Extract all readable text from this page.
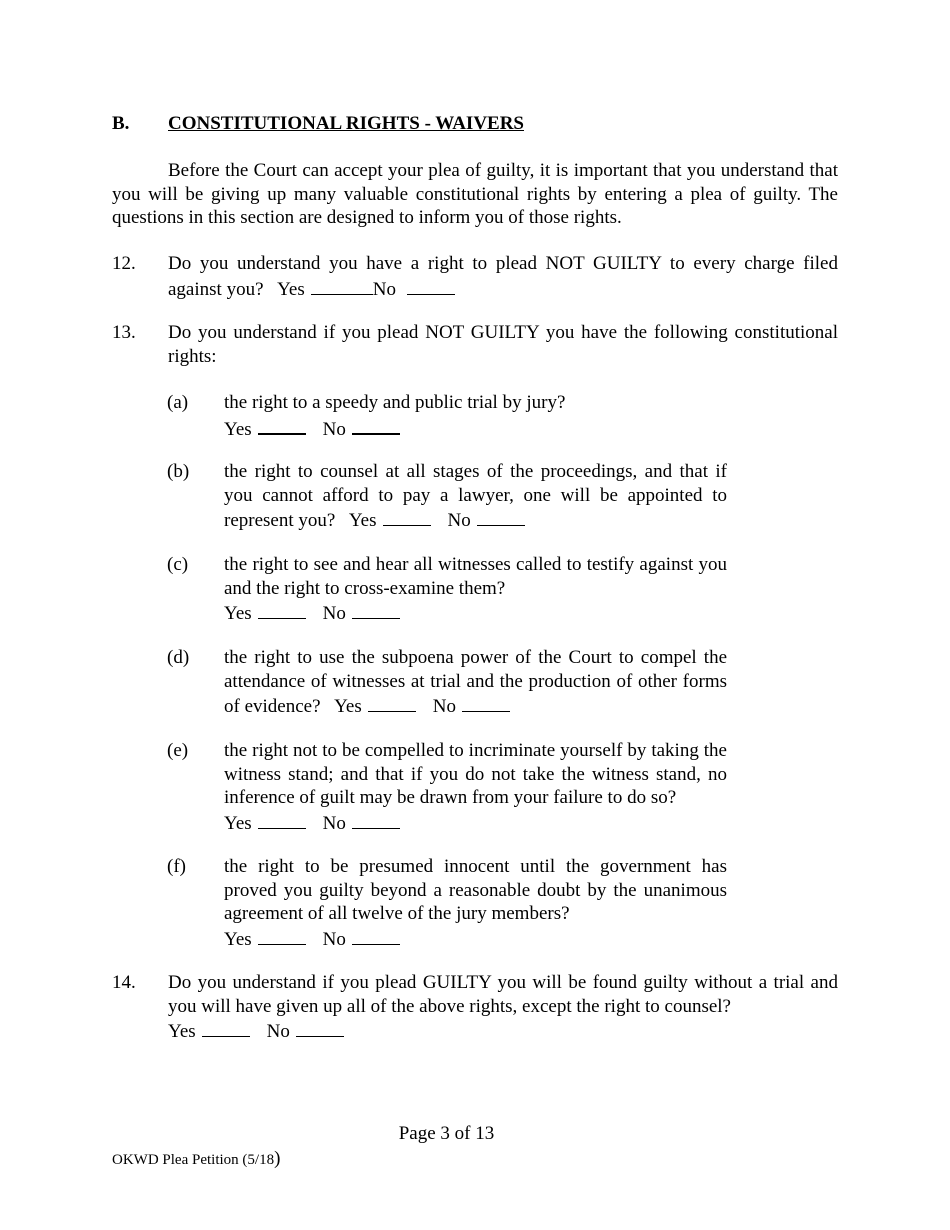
B. CONSTITUTIONAL RIGHTS - WAIVERS
Before the Court can accept your plea of guilty, it is important that you understand that you will be giving up many valuable constitutional rights by entering a plea of guilty. The questions in this section are designed to inform you of those rights.
12. Do you understand you have a right to plead NOT GUILTY to every charge filed against you? Yes	No
13. Do you understand if you plead NOT GUILTY you have the following constitutional rights:
(a) the right to a speedy and public trial by jury?
Yes	No
(b) the right to counsel at all stages of the proceedings, and that if you cannot afford to pay a lawyer, one will be appointed to represent you? Yes	No
(c) the right to see and hear all witnesses called to testify against you and the right to cross-examine them?
Yes	No
(d) the right to use the subpoena power of the Court to compel the attendance of witnesses at trial and the production of other forms of evidence? Yes	No
(e) the right not to be compelled to incriminate yourself by taking the witness stand; and that if you do not take the witness stand, no inference of guilt may be drawn from your failure to do so?
Yes	No
(f) the right to be presumed innocent until the government has proved you guilty beyond a reasonable doubt by the unanimous agreement of all twelve of the jury members?
Yes	No
14. Do you understand if you plead GUILTY you will be found guilty without a trial and you will have given up all of the above rights, except the right to counsel?
Yes	No
Page 3 of 13
OKWD Plea Petition (5/18)
